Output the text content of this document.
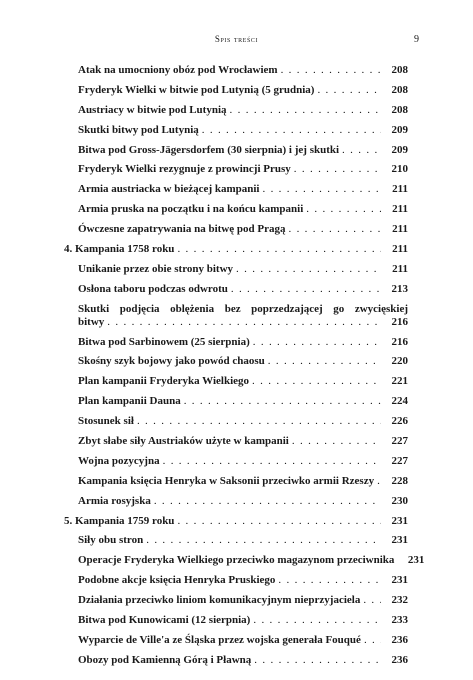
Spis treści	9
Atak na umocniony obóz pod Wrocławiem . . .	208
Fryderyk Wielki w bitwie pod Lutynią (5 grudnia) . . .	208
Austriacy w bitwie pod Lutynią . . .	208
Skutki bitwy pod Lutynią . . .	209
Bitwa pod Gross-Jägersdorfem (30 sierpnia) i jej skutki . . .	209
Fryderyk Wielki rezygnuje z prowincji Prusy . . .	210
Armia austriacka w bieżącej kampanii . . .	211
Armia pruska na początku i na końcu kampanii . . .	211
Ówczesne zapatrywania na bitwę pod Pragą . . .	211
4. Kampania 1758 roku . . .	211
Unikanie przez obie strony bitwy . . .	211
Osłona taboru podczas odwrotu . . .	213
Skutki podjęcia oblężenia bez poprzedzającej go zwycięskiej
bitwy . . .	216
Bitwa pod Sarbinowem (25 sierpnia) . . .	216
Skośny szyk bojowy jako powód chaosu . . .	220
Plan kampanii Fryderyka Wielkiego . . .	221
Plan kampanii Dauna . . .	224
Stosunek sił . . .	226
Zbyt słabe siły Austriaków użyte w kampanii . . .	227
Wojna pozycyjna . . .	227
Kampania księcia Henryka w Saksonii przeciwko armii Rzeszy . . .	228
Armia rosyjska . . .	230
5. Kampania 1759 roku . . .	231
Siły obu stron . . .	231
Operacje Fryderyka Wielkiego przeciwko magazynom przeciwnika	231
Podobne akcje księcia Henryka Pruskiego . . .	231
Działania przeciwko liniom komunikacyjnym nieprzyjaciela . . .	232
Bitwa pod Kunowicami (12 sierpnia) . . .	233
Wyparcie de Ville'a ze Śląska przez wojska generała Fouqué . . .	236
Obozy pod Kamienną Górą i Pławną . . .	236
